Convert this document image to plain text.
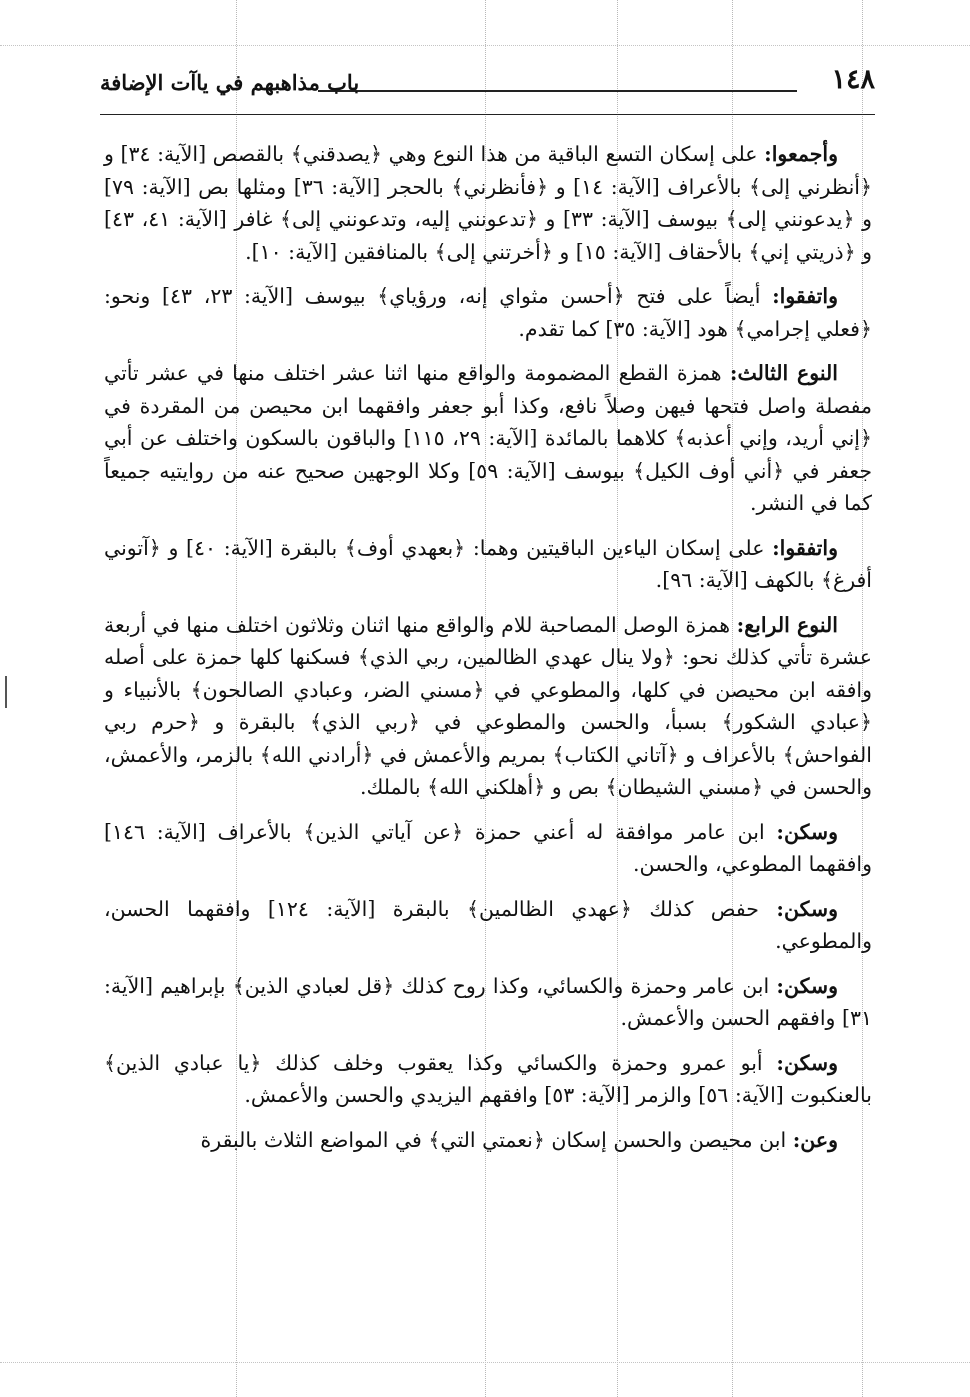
١٤٨
باب مذاهبهم في ياآت الإضافة

وأجمعوا: على إسكان التسع الباقية من هذا النوع وهي ﴿يصدقني﴾ بالقصص [الآية: ٣٤] و ﴿أنظرني إلى﴾ بالأعراف [الآية: ١٤] و ﴿فأنظرني﴾ بالحجر [الآية: ٣٦] ومثلها بص [الآية: ٧٩] و ﴿يدعونني إلى﴾ بيوسف [الآية: ٣٣] و ﴿تدعونني إليه، وتدعونني إلى﴾ غافر [الآية: ٤١، ٤٣] و ﴿ذريتي إني﴾ بالأحقاف [الآية: ١٥] و ﴿أخرتني إلى﴾ بالمنافقين [الآية: ١٠].

واتفقوا: أيضاً على فتح ﴿أحسن مثواي إنه، ورؤياي﴾ بيوسف [الآية: ٢٣، ٤٣] ونحو: ﴿فعلي إجرامي﴾ هود [الآية: ٣٥] كما تقدم.

النوع الثالث: همزة القطع المضمومة والواقع منها اثنا عشر اختلف منها في عشر تأتي مفصلة واصل فتحها فيهن وصلاً نافع، وكذا أبو جعفر وافقهما ابن محيصن من المقردة في ﴿إني أريد، وإني أعذبه﴾ كلاهما بالمائدة [الآية: ٢٩، ١١٥] والباقون بالسكون واختلف عن أبي جعفر في ﴿أني أوف الكيل﴾ بيوسف [الآية: ٥٩] وكلا الوجهين صحيح عنه من روايتيه جميعاً كما في النشر.

واتفقوا: على إسكان الياءين الباقيتين وهما: ﴿بعهدي أوف﴾ بالبقرة [الآية: ٤٠] و ﴿آتوني أفرغ﴾ بالكهف [الآية: ٩٦].

النوع الرابع: همزة الوصل المصاحبة للام والواقع منها اثنان وثلاثون اختلف منها في أربعة عشرة تأتي كذلك نحو: ﴿ولا ينال عهدي الظالمين، ربي الذي﴾ فسكنها كلها حمزة على أصله وافقه ابن محيصن في كلها، والمطوعي في ﴿مسني الضر، وعبادي الصالحون﴾ بالأنبياء و ﴿عبادي الشكور﴾ بسبأ، والحسن والمطوعي في ﴿ربي الذي﴾ بالبقرة و ﴿حرم ربي الفواحش﴾ بالأعراف و ﴿آتاني الكتاب﴾ بمريم والأعمش في ﴿أرادني الله﴾ بالزمر، والأعمش، والحسن في ﴿مسني الشيطان﴾ بص و ﴿أهلكني الله﴾ بالملك.

وسكن: ابن عامر موافقة له أعني حمزة ﴿عن آياتي الذين﴾ بالأعراف [الآية: ١٤٦] وافقهما المطوعي، والحسن.

وسكن: حفص كذلك ﴿عهدي الظالمين﴾ بالبقرة [الآية: ١٢٤] وافقهما الحسن، والمطوعي.

وسكن: ابن عامر وحمزة والكسائي، وكذا روح كذلك ﴿قل لعبادي الذين﴾ بإبراهيم [الآية: ٣١] وافقهم الحسن والأعمش.

وسكن: أبو عمرو وحمزة والكسائي وكذا يعقوب وخلف كذلك ﴿يا عبادي الذين﴾ بالعنكبوت [الآية: ٥٦] والزمر [الآية: ٥٣] وافقهم اليزيدي والحسن والأعمش.

وعن: ابن محيصن والحسن إسكان ﴿نعمتي التي﴾ في المواضع الثلاث بالبقرة
